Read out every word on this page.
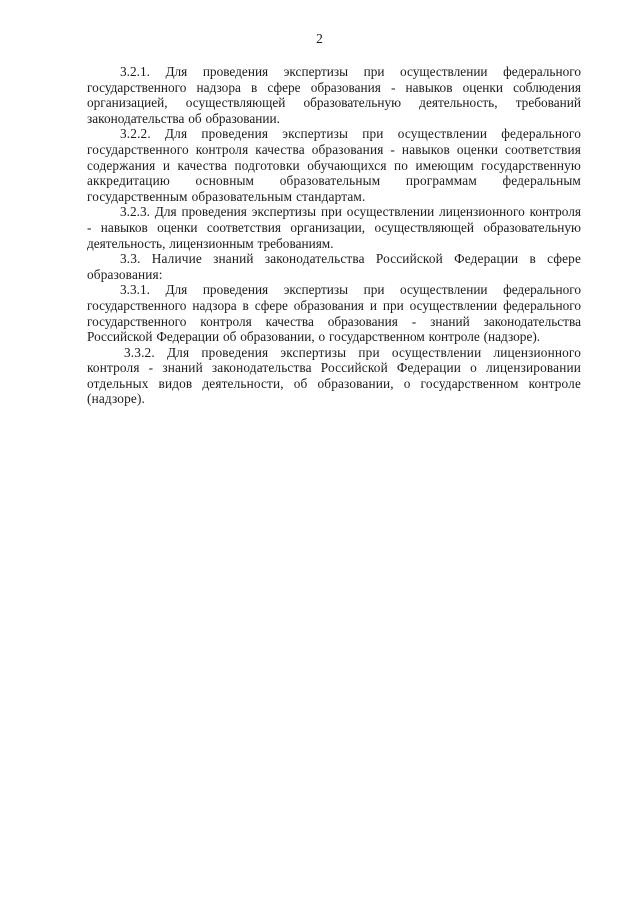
2

3.2.1. Для проведения экспертизы при осуществлении федерального государственного надзора в сфере образования - навыков оценки соблюдения организацией, осуществляющей образовательную деятельность, требований законодательства об образовании.

3.2.2. Для проведения экспертизы при осуществлении федерального государственного контроля качества образования - навыков оценки соответствия содержания и качества подготовки обучающихся по имеющим государственную аккредитацию основным образовательным программам федеральным государственным образовательным стандартам.

3.2.3. Для проведения экспертизы при осуществлении лицензионного контроля - навыков оценки соответствия организации, осуществляющей образовательную деятельность, лицензионным требованиям.

3.3. Наличие знаний законодательства Российской Федерации в сфере образования:

3.3.1. Для проведения экспертизы при осуществлении федерального государственного надзора в сфере образования и при осуществлении федерального государственного контроля качества образования - знаний законодательства Российской Федерации об образовании, о государственном контроле (надзоре).

3.3.2. Для проведения экспертизы при осуществлении лицензионного контроля - знаний законодательства Российской Федерации о лицензировании отдельных видов деятельности, об образовании, о государственном контроле (надзоре).
